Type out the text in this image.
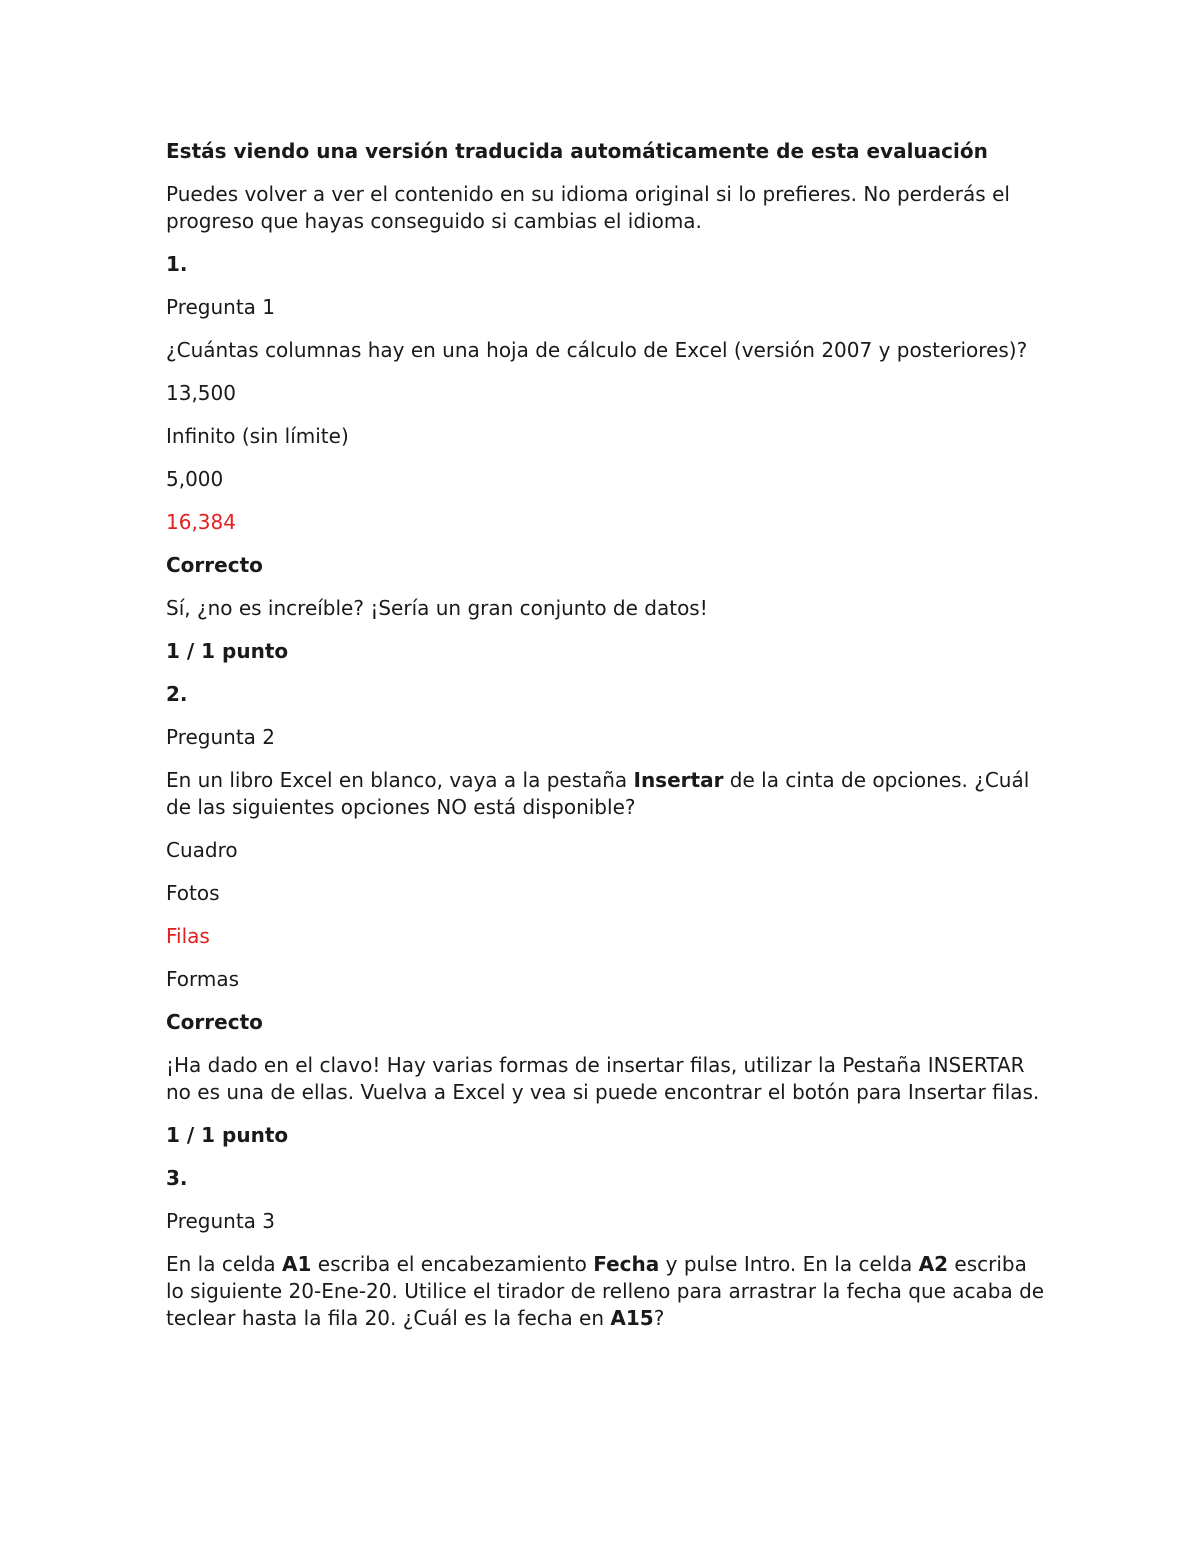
Estás viendo una versión traducida automáticamente de esta evaluación

Puedes volver a ver el contenido en su idioma original si lo prefieres. No perderás el progreso que hayas conseguido si cambias el idioma.

1.

Pregunta 1

¿Cuántas columnas hay en una hoja de cálculo de Excel (versión 2007 y posteriores)?

13,500

Infinito (sin límite)

5,000

16,384

Correcto

Sí, ¿no es increíble? ¡Sería un gran conjunto de datos!

1 / 1 punto

2.

Pregunta 2

En un libro Excel en blanco, vaya a la pestaña Insertar de la cinta de opciones. ¿Cuál de las siguientes opciones NO está disponible?

Cuadro

Fotos

Filas

Formas

Correcto

¡Ha dado en el clavo! Hay varias formas de insertar filas, utilizar la Pestaña INSERTAR no es una de ellas. Vuelva a Excel y vea si puede encontrar el botón para Insertar filas.

1 / 1 punto

3.

Pregunta 3

En la celda A1 escriba el encabezamiento Fecha y pulse Intro. En la celda A2 escriba lo siguiente 20-Ene-20. Utilice el tirador de relleno para arrastrar la fecha que acaba de teclear hasta la fila 20. ¿Cuál es la fecha en A15?
